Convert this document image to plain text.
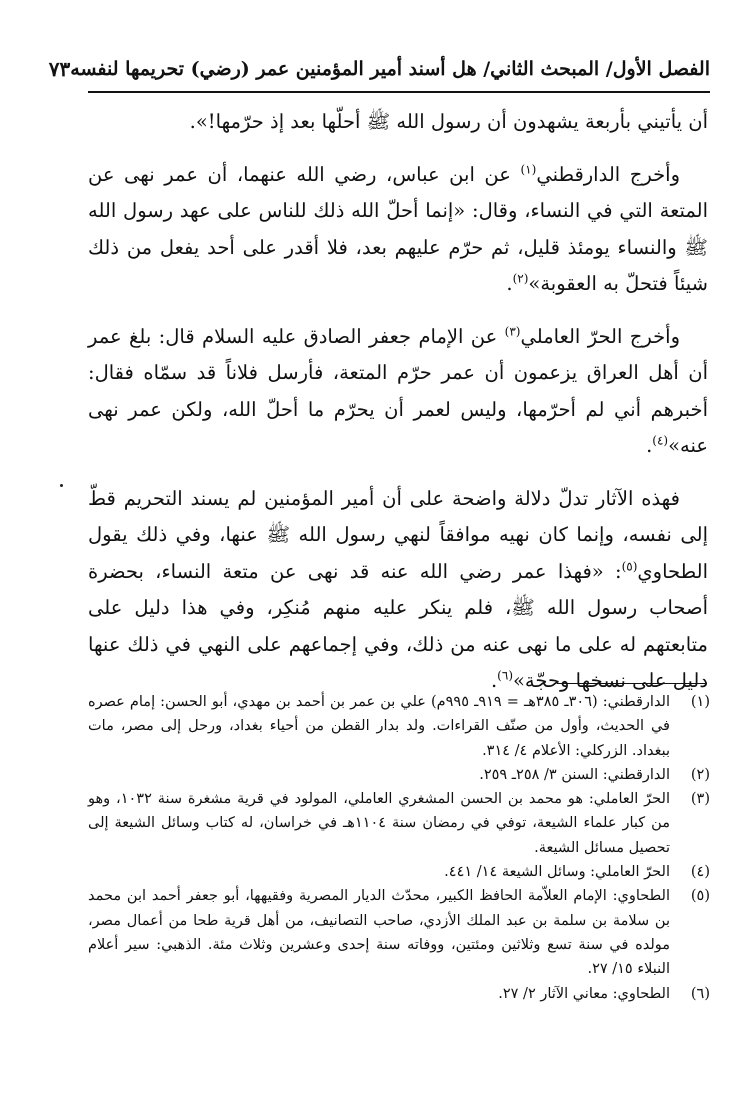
الفصل الأول/ المبحث الثاني/ هل أسند أمير المؤمنين عمر (رضي) تحريمها لنفسه
٧٣

أن يأتيني بأربعة يشهدون أن رسول الله ﷺ أحلّها بعد إذ حرّمها!».

وأخرج الدارقطني$^{(١)}$ عن ابن عباس، رضي الله عنهما، أن عمر نهى عن المتعة التي في النساء، وقال: «إنما أحلّ الله ذلك للناس على عهد رسول الله ﷺ والنساء يومئذ قليل، ثم حرّم عليهم بعد، فلا أقدر على أحد يفعل من ذلك شيئاً فتحلّ به العقوبة»$^{(٢)}$.

وأخرج الحرّ العاملي$^{(٣)}$ عن الإمام جعفر الصادق عليه السلام قال: بلغ عمر أن أهل العراق يزعمون أن عمر حرّم المتعة، فأرسل فلاناً قد سمّاه فقال: أخبرهم أني لم أحرّمها، وليس لعمر أن يحرّم ما أحلّ الله، ولكن عمر نهى عنه»$^{(٤)}$.

فهذه الآثار تدلّ دلالة واضحة على أن أمير المؤمنين لم يسند التحريم قطّ إلى نفسه، وإنما كان نهيه موافقاً لنهي رسول الله ﷺ عنها، وفي ذلك يقول الطحاوي$^{(٥)}$: «فهذا عمر رضي الله عنه قد نهى عن متعة النساء، بحضرة أصحاب رسول الله ﷺ، فلم ينكر عليه منهم مُنكِر، وفي هذا دليل على متابعتهم له على ما نهى عنه من ذلك، وفي إجماعهم على النهي في ذلك عنها دليل على نسخها وحجّة»$^{(٦)}$.

(١)
الدارقطني: (٣٠٦ـ ٣٨٥هـ = ٩١٩ـ ٩٩٥م) علي بن عمر بن أحمد بن مهدي، أبو الحسن: إمام عصره في الحديث، وأول من صنّف القراءات. ولد بدار القطن من أحياء بغداد، ورحل إلى مصر، مات ببغداد. الزركلي: الأعلام ٤/ ٣١٤.
(٢)
الدارقطني: السنن ٣/ ٢٥٨ـ ٢٥٩.
(٣)
الحرّ العاملي: هو محمد بن الحسن المشغري العاملي، المولود في قرية مشغرة سنة ١٠٣٢، وهو من كبار علماء الشيعة، توفي في رمضان سنة ١١٠٤هـ في خراسان، له كتاب وسائل الشيعة إلى تحصيل مسائل الشيعة.
(٤)
الحرّ العاملي: وسائل الشيعة ١٤/ ٤٤١.
(٥)
الطحاوي: الإمام العلاّمة الحافظ الكبير، محدّث الديار المصرية وفقيهها، أبو جعفر أحمد ابن محمد بن سلامة بن سلمة بن عبد الملك الأزدي، صاحب التصانيف، من أهل قرية طحا من أعمال مصر، مولده في سنة تسع وثلاثين ومئتين، ووفاته سنة إحدى وعشرين وثلاث مئة. الذهبي: سير أعلام النبلاء ١٥/ ٢٧.
(٦)
الطحاوي: معاني الآثار ٢/ ٢٧.
